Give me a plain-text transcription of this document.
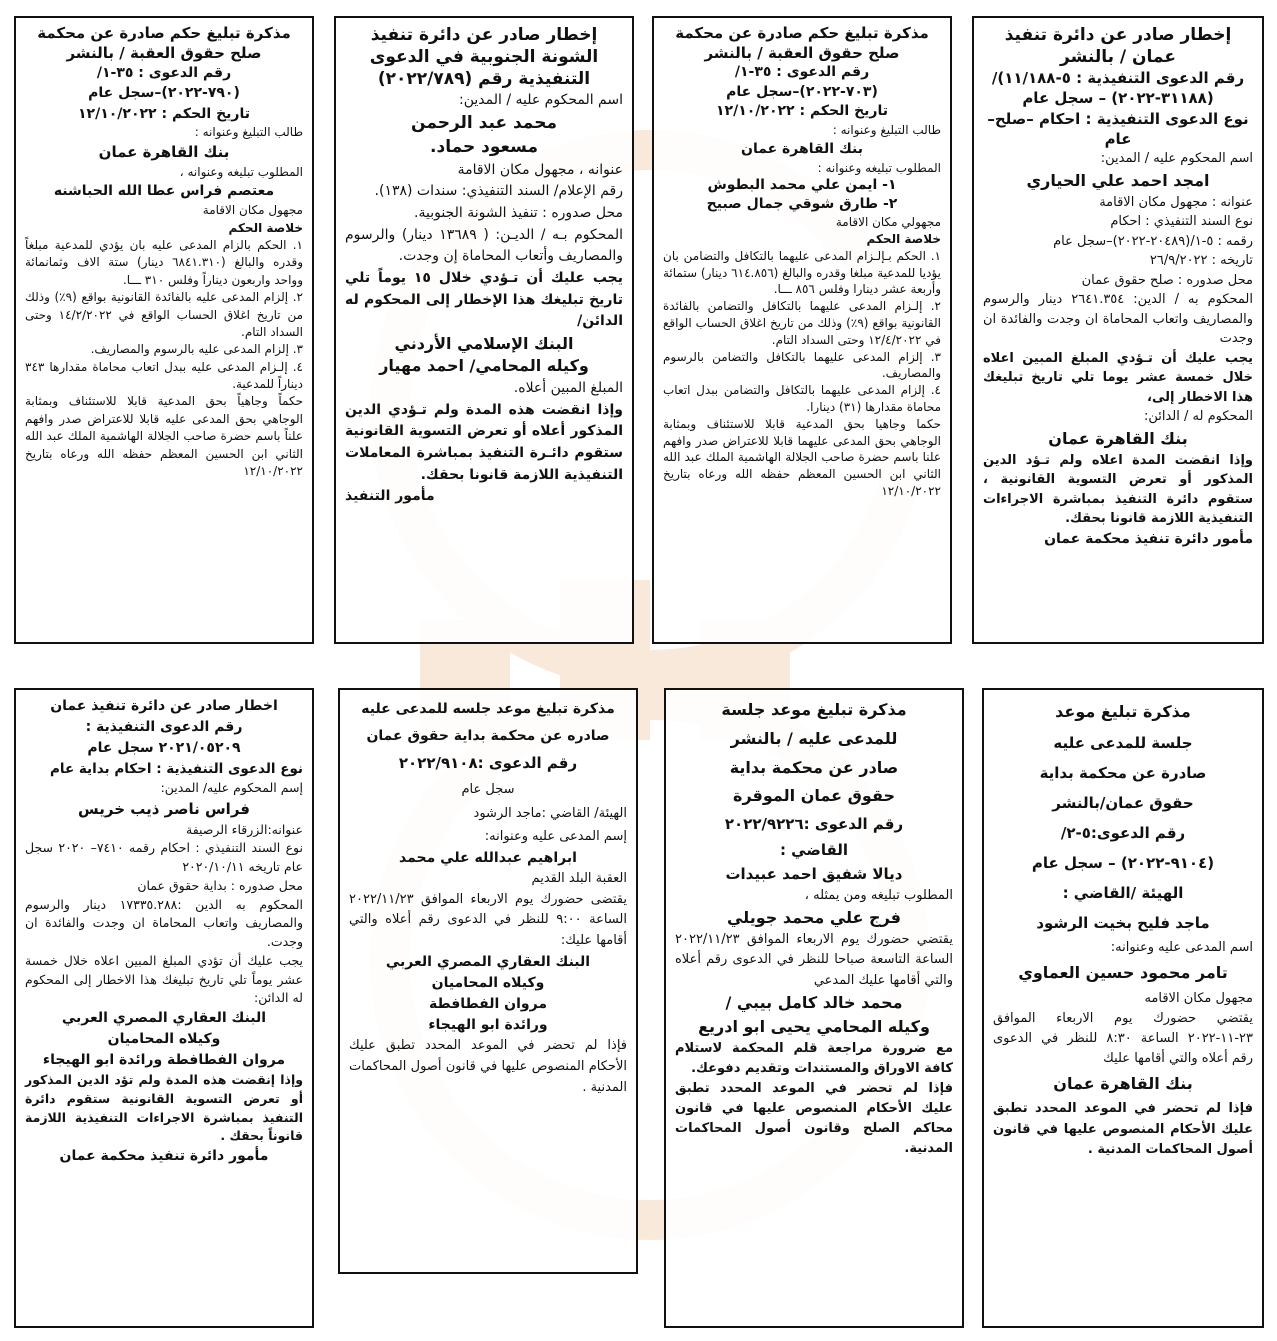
إخطار صادر عن دائرة تنفيذ عمان / بالنشر

رقم الدعوى التنفيذية : ٥-١١/١٨٨)/ (٣١١٨٨-٢٠٢٢) – سجل عام

نوع الدعوى التنفيذية : احكام –صلح–عام

اسم المحكوم عليه / المدين:

امجد احمد علي الحياري

عنوانه : مجهول مكان الاقامة

نوع السند التنفيذي : احكام

رقمه : ٥-١/(٢٠٤٨٩-٢٠٢٢)–سجل عام

تاريخه : ٢٦/٩/٢٠٢٢

محل صدوره : صلح حقوق عمان

المحكوم به / الدين: ٢٦٤١.٣٥٤ دينار والرسوم والمصاريف واتعاب المحاماة ان وجدت والفائدة ان وجدت

يجب عليك أن تـؤدي المبلغ المبين اعلاه خلال خمسة عشر يوما تلي تاريخ تبليغك هذا الاخطار إلى،

المحكوم له / الدائن:

بنك القاهرة عمان

وإذا انقضت المدة اعلاه ولم تـؤد الدين المذكور أو تعرض التسوية القانونية ، ستقوم دائرة التنفيذ بمباشرة الاجراءات التنفيذية اللازمة قانونا بحقك.

مأمور دائرة تنفيذ محكمة عمان

مذكرة تبليغ حكم صادرة عن محكمة صلح حقوق العقبة / بالنشر

رقم الدعوى : ٣٥-١/

(٧٠٣-٢٠٢٢)–سجل عام

تاريخ الحكم : ١٢/١٠/٢٠٢٢

طالب التبليغ وعنوانه :

بنك القاهرة عمان

المطلوب تبليغه وعنوانه :

١- ايمن علي محمد البطوش

٢- طارق شوقي جمال صبيح

مجهولي مكان الاقامة

خلاصة الحكم

١. الحكم بـإلـزام المدعى عليهما بالتكافل والتضامن بان يؤديا للمدعية مبلغا وقدره والبالغ (٦١٤.٨٥٦ دينار) ستمائة وأربعة عشر دينارا وفلس ٨٥٦ ـــا.

٢. إلـزام المدعى عليهما بالتكافل والتضامن بالفائدة القانونية بواقع (٩٪) وذلك من تاريخ اغلاق الحساب الواقع في ١٢/٤/٢٠٢٢ وحتى السداد التام.

٣. إلزام المدعى عليهما بالتكافل والتضامن بالرسوم والمصاريف.

٤. إلزام المدعى عليهما بالتكافل والتضامن ببدل اتعاب محاماة مقدارها (٣١) دينارا.

حكما وجاهيا بحق المدعية قابلا للاستئناف وبمثابة الوجاهي بحق المدعى عليهما قابلا للاعتراض صدر وافهم علنا باسم حضرة صاحب الجلالة الهاشمية الملك عبد الله الثاني ابن الحسين المعظم حفظه الله ورعاه بتاريخ ١٢/١٠/٢٠٢٢

إخطار صادر عن دائرة تنفيذ الشونة الجنوبية في الدعوى التنفيذية رقم (٢٠٢٢/٧٨٩)

اسم المحكوم عليه / المدين:

محمد عبد الرحمن

مسعود حماد.

عنوانه ، مجهول مكان الاقامة

رقم الإعلام/ السند التنفيذي: سندات (١٣٨).

محل صدوره : تنفيذ الشونة الجنوبية.

المحكوم بـه / الديـن: ( ١٣٦٨٩ دينار) والرسوم والمصاريف وأتعاب المحاماة إن وجدت.

يجب عليك أن تـؤدي خلال ١٥ يوماً تلي تاريخ تبليغك هذا الإخطار إلى المحكوم له الدائن/

البنك الإسلامي الأردني

وكيله المحامي/ احمد مهيار

المبلغ المبين أعلاه.

وإذا انقضت هذه المدة ولم تـؤدي الدين المذكور أعلاه أو تعرض التسوية القانونية ستقوم دائـرة التنفيذ بمباشرة المعاملات التنفيذية اللازمة قانونا بحقك.

مأمور التنفيذ

مذكرة تبليغ حكم صادرة عن محكمة صلح حقوق العقبة / بالنشر

رقم الدعوى : ٣٥-١/

(٧٩٠-٢٠٢٢)–سجل عام

تاريخ الحكم : ١٢/١٠/٢٠٢٢

طالب التبليغ وعنوانه :

بنك القاهرة عمان

المطلوب تبليغه وعنوانه ،

معتصم فراس عطا الله الحباشنه

مجهول مكان الاقامة

خلاصة الحكم

١. الحكم بالزام المدعى عليه بان يؤدي للمدعية مبلغاً وقدره والبالغ (٦٨٤١.٣١٠ دينار) ستة الاف وثمانمائة وواحد واربعون ديناراً وفلس ٣١٠ ـــا.

٢. إلزام المدعى عليه بالفائدة القانونية بواقع (٩٪) وذلك من تاريخ اغلاق الحساب الواقع في ١٤/٢/٢٠٢٢ وحتى السداد التام.

٣. إلزام المدعى عليه بالرسوم والمصاريف.

٤. إلـزام المدعى عليه ببدل اتعاب محاماة مقدارها ٣٤٣ ديناراً للمدعية.

حكماً وجاهياً بحق المدعية قابلا للاستئناف وبمثابة الوجاهي بحق المدعى عليه قابلا للاعتراض صدر وافهم علناً باسم حضرة صاحب الجلالة الهاشمية الملك عبد الله الثاني ابن الحسين المعظم حفظه الله ورعاه بتاريخ ١٢/١٠/٢٠٢٢

مذكرة تبليغ موعد

جلسة للمدعى عليه

صادرة عن محكمة بداية

حقوق عمان/بالنشر

رقم الدعوى:٥-٢/

(٩١٠٤-٢٠٢٢) – سجل عام

الهيئة /القاضي :

ماجد فليح بخيت الرشود

اسم المدعى عليه وعنوانه:

تامر محمود حسين العماوي

مجهول مكان الاقامه

يقتضي حضورك يوم الاربعاء الموافق ٢٣-١١-٢٠٢٢ الساعة ٨:٣٠ للنظر في الدعوى رقم أعلاه والتي أقامها عليك

بنك القاهرة عمان

فإذا لم تحضر في الموعد المحدد تطبق عليك الأحكام المنصوص عليها في قانون أصول المحاكمات المدنية .

مذكرة تبليغ موعد جلسة

للمدعى عليه / بالنشر

صادر عن محكمة بداية

حقوق عمان الموقرة

رقم الدعوى :٢٠٢٢/٩٢٢٦

القاضي :

ديالا شفيق احمد عبيدات

المطلوب تبليغه ومن يمثله ،

فرج علي محمد جويلي

يقتضي حضورك يوم الاربعاء الموافق ٢٠٢٢/١١/٢٣ الساعة التاسعة صباحا للنظر في الدعوى رقم أعلاه والتي أقامها عليك المدعي

محمد خالد كامل بيبي /

وكيله المحامي يحيى ابو ادريع

مع ضرورة مراجعة قلم المحكمة لاستلام كافة الاوراق والمستندات وتقديم دفوعك.

فإذا لم تحضر في الموعد المحدد تطبق عليك الأحكام المنصوص عليها في قانون محاكم الصلح وقانون أصول المحاكمات المدنية.

مذكرة تبليغ موعد جلسه للمدعى عليه

صادره عن محكمة بداية حقوق عمان

رقم الدعوى :٢٠٢٢/٩١٠٨

سجل عام

الهيئة/ القاضي :ماجد الرشود

إسم المدعى عليه وعنوانه:

ابراهيم عبدالله علي محمد

العقبة البلد القديم

يقتضى حضورك يوم الاربعاء الموافق ٢٠٢٢/١١/٢٣ الساعة ٩:٠٠ للنظر في الدعوى رقم أعلاه والتي أقامها عليك:

البنك العقاري المصري العربي

وكيلاه المحاميان

مروان الفطافطة

ورائدة ابو الهيجاء

فإذا لم تحضر في الموعد المحدد تطبق عليك الأحكام المنصوص عليها في قانون أصول المحاكمات المدنية .

اخطار صادر عن دائرة تنفيذ عمان

رقم الدعوى التنفيذية :

٢٠٢١/٠٥٢٠٩ سجل عام

نوع الدعوى التنفيذية : احكام بداية عام

إسم المحكوم عليه/ المدين:

فراس ناصر ذيب خريس

عنوانه:الزرقاء الرصيفة

نوع السند التنفيذي : احكام رقمه ٧٤١٠– ٢٠٢٠ سجل عام تاريخه ٢٠٢٠/١٠/١١

محل صدوره : بداية حقوق عمان

المحكوم به الدين :١٧٣٣٥.٢٨٨ دينار والرسوم والمصاريف واتعاب المحاماة ان وجدت والفائدة ان وجدت.

يجب عليك أن تؤدي المبلغ المبين اعلاه خلال خمسة عشر يوماً تلي تاريخ تبليغك هذا الاخطار إلى المحكوم له الدائن:

البنك العقاري المصري العربي

وكيلاه المحاميان

مروان الفطافطة ورائدة ابو الهيجاء

وإذا إنقضت هذه المدة ولم تؤد الدين المذكور أو تعرض التسوية القانونية ستقوم دائرة التنفيذ بمباشرة الاجراءات التنفيذية اللازمة قانوناً بحقك .

مأمور دائرة تنفيذ محكمة عمان
